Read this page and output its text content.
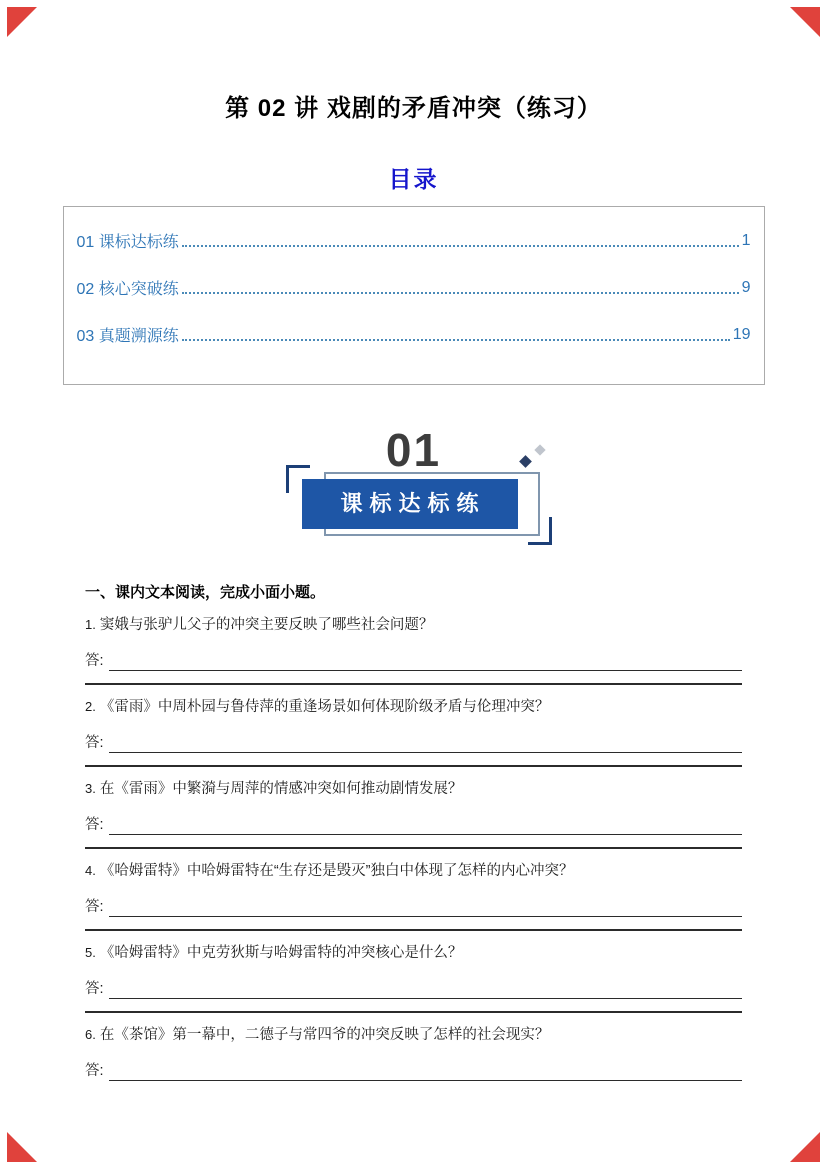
第 02 讲 戏剧的矛盾冲突（练习）
目录
01 课标达标练	1
02 核心突破练	9
03 真题溯源练	19
01
课标达标练
一、课内文本阅读，完成小面小题。
1. 窦娥与张驴儿父子的冲突主要反映了哪些社会问题？
答:
2. 《雷雨》中周朴园与鲁侍萍的重逢场景如何体现阶级矛盾与伦理冲突？
答:
3. 在《雷雨》中繁漪与周萍的情感冲突如何推动剧情发展？
答:
4. 《哈姆雷特》中哈姆雷特在“生存还是毁灭”独白中体现了怎样的内心冲突？
答:
5. 《哈姆雷特》中克劳狄斯与哈姆雷特的冲突核心是什么？
答:
6. 在《茶馆》第一幕中，二德子与常四爷的冲突反映了怎样的社会现实？
答:
